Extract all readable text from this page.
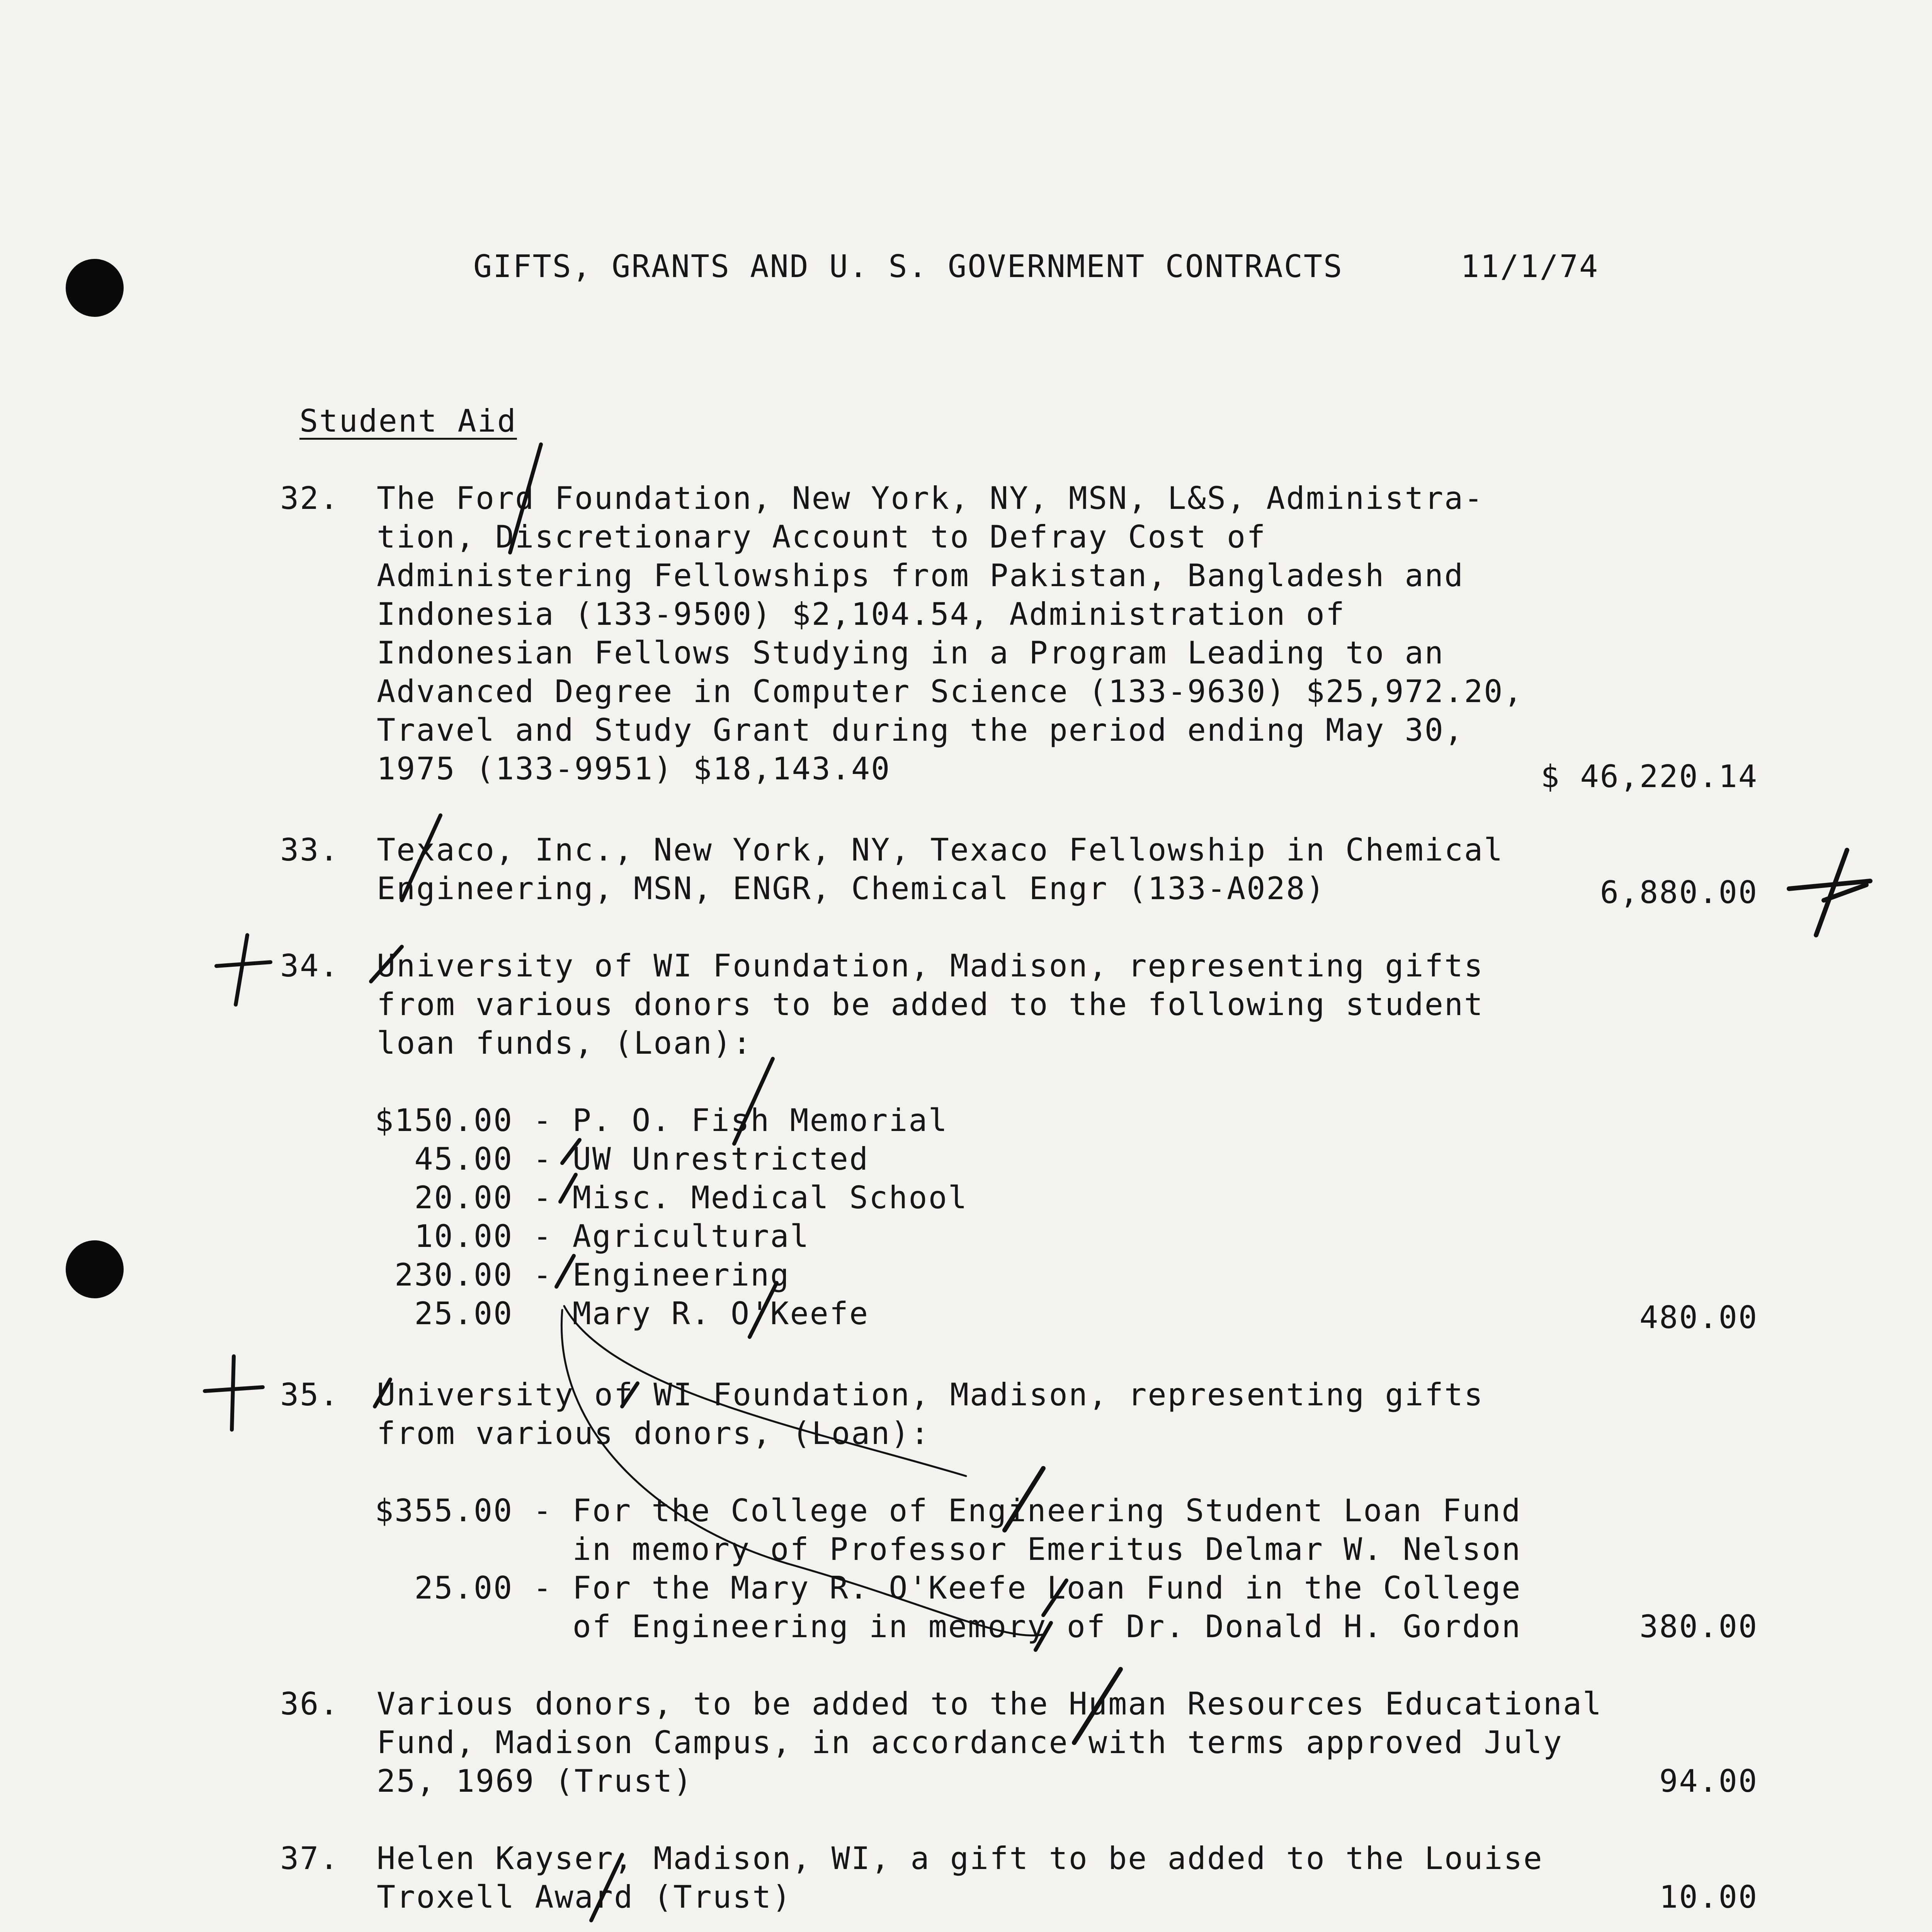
GIFTS, GRANTS AND U. S. GOVERNMENT CONTRACTS	11/1/74
Student Aid
32. The Ford Foundation, New York, NY, MSN, L&S, Administra-
tion, Discretionary Account to Defray Cost of
Administering Fellowships from Pakistan, Bangladesh and
Indonesia (133-9500) $2,104.54, Administration of
Indonesian Fellows Studying in a Program Leading to an
Advanced Degree in Computer Science (133-9630) $25,972.20,
Travel and Study Grant during the period ending May 30,
1975 (133-9951) $18,143.40	$ 46,220.14
33. Texaco, Inc., New York, NY, Texaco Fellowship in Chemical
Engineering, MSN, ENGR, Chemical Engr (133-A028)	6,880.00
34. University of WI Foundation, Madison, representing gifts
from various donors to be added to the following student
loan funds, (Loan):
$150.00 - P. O. Fish Memorial
45.00 - UW Unrestricted
20.00 - Misc. Medical School
10.00 - Agricultural
230.00 - Engineering
25.00   Mary R. O'Keefe	480.00
35. University of WI Foundation, Madison, representing gifts
from various donors, (Loan):
$355.00 - For the College of Engineering Student Loan Fund
in memory of Professor Emeritus Delmar W. Nelson
25.00 - For the Mary R. O'Keefe Loan Fund in the College
of Engineering in memory of Dr. Donald H. Gordon	380.00
36. Various donors, to be added to the Human Resources Educational
Fund, Madison Campus, in accordance with terms approved July
25, 1969 (Trust)	94.00
37. Helen Kayser, Madison, WI, a gift to be added to the Louise
Troxell Award (Trust)	10.00
